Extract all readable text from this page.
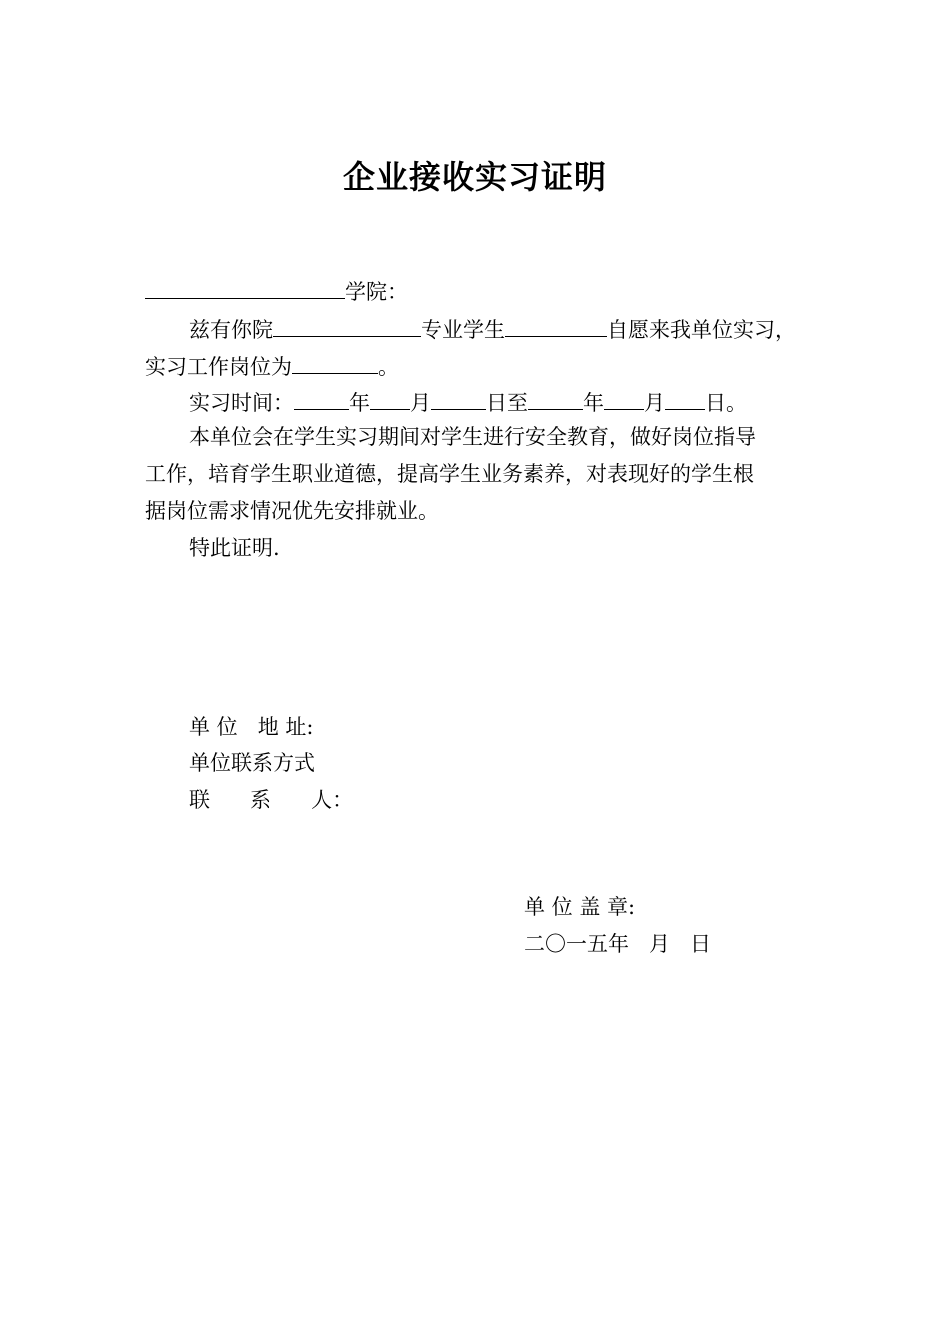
企业接收实习证明
学院：
兹有你院	专业学生	自愿来我单位实习，
实习工作岗位为	。
实习时间：	年 月	日至	年 月 日。
本单位会在学生实习期间对学生进行安全教育，做好岗位指导
工作，培育学生职业道德，提高学生业务素养，对表现好的学生根
据岗位需求情况优先安排就业。
特此证明.
单 位   地 址:
单位联系方式
联      系      人：
单 位 盖 章:
二〇一五年   月   日
